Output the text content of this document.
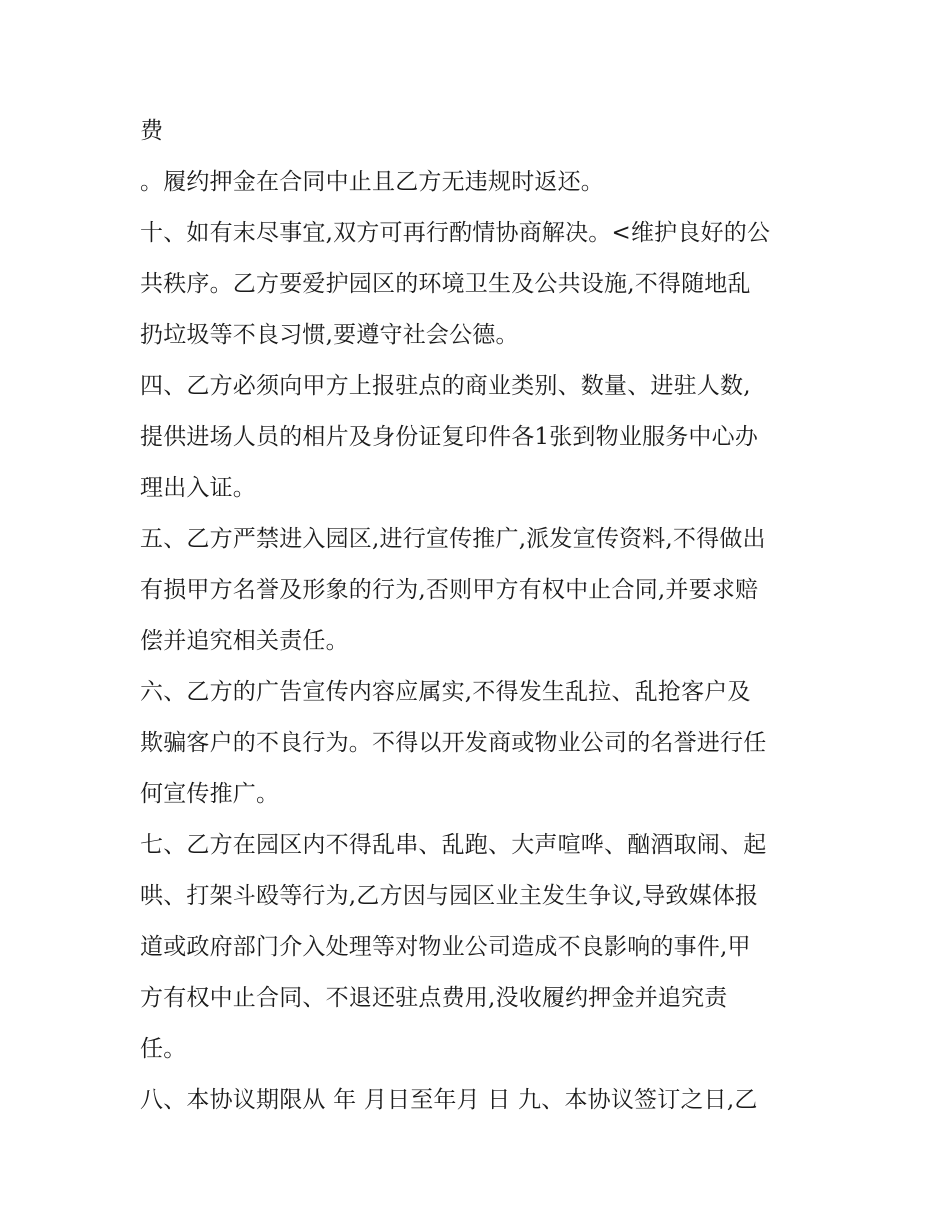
费
。履约押金在合同中止且乙方无违规时返还。
十、如有末尽事宜,双方可再行酌情协商解决。<维护良好的公
共秩序。乙方要爱护园区的环境卫生及公共设施,不得随地乱
扔垃圾等不良习惯,要遵守社会公德。
四、乙方必须向甲方上报驻点的商业类别、数量、进驻人数,
提供进场人员的相片及身份证复印件各1张到物业服务中心办
理出入证。
五、乙方严禁进入园区,进行宣传推广,派发宣传资料,不得做出
有损甲方名誉及形象的行为,否则甲方有权中止合同,并要求赔
偿并追究相关责任。
六、乙方的广告宣传内容应属实,不得发生乱拉、乱抢客户及
欺骗客户的不良行为。不得以开发商或物业公司的名誉进行任
何宣传推广。
七、乙方在园区内不得乱串、乱跑、大声喧哗、酗酒取闹、起
哄、打架斗殴等行为,乙方因与园区业主发生争议,导致媒体报
道或政府部门介入处理等对物业公司造成不良影响的事件,甲
方有权中止合同、不退还驻点费用,没收履约押金并追究责
任。
八、本协议期限从 年 月日至年月 日 九、本协议签订之日,乙
